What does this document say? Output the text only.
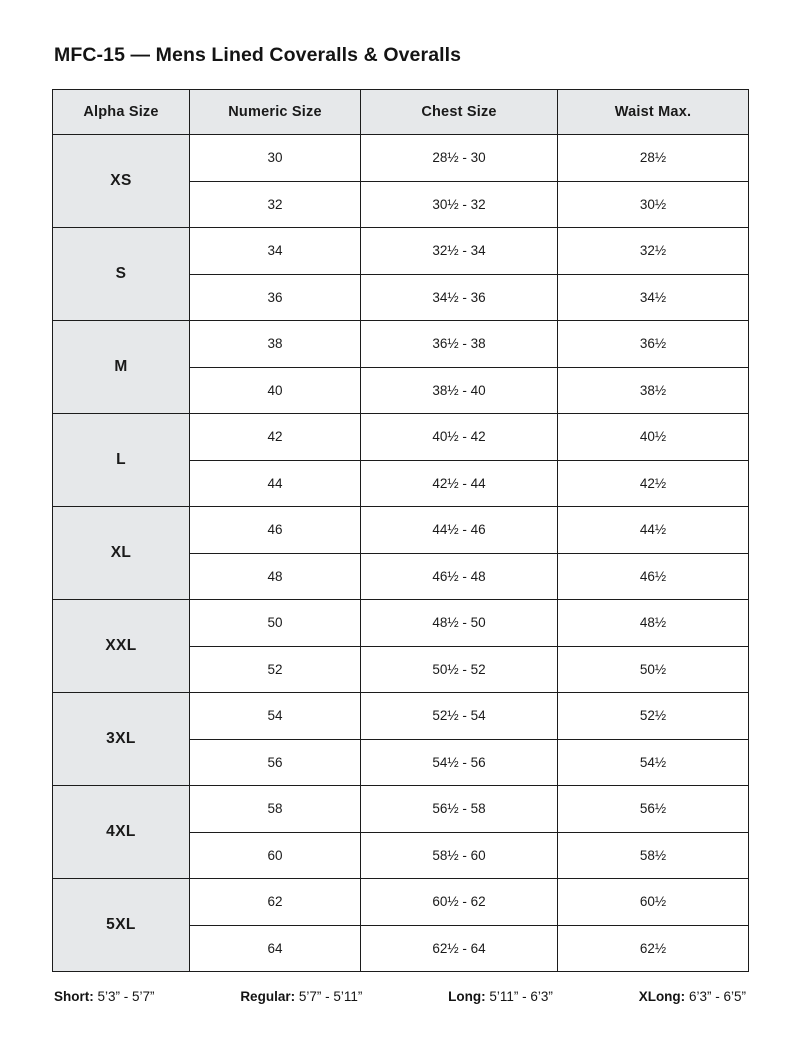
MFC-15 — Mens Lined Coveralls & Overalls
Alpha Size	Numeric Size	Chest Size	Waist Max.
XS	30	28½ - 30	28½
	32	30½ - 32	30½
S	34	32½ - 34	32½
	36	34½ - 36	34½
M	38	36½ - 38	36½
	40	38½ - 40	38½
L	42	40½ - 42	40½
	44	42½ - 44	42½
XL	46	44½ - 46	44½
	48	46½ - 48	46½
XXL	50	48½ - 50	48½
	52	50½ - 52	50½
3XL	54	52½ - 54	52½
	56	54½ - 56	54½
4XL	58	56½ - 58	56½
	60	58½ - 60	58½
5XL	62	60½ - 62	60½
	64	62½ - 64	62½
Short: 5’3” - 5’7”	Regular: 5’7” - 5’11”	Long: 5’11” - 6’3”	XLong: 6’3” - 6’5”
